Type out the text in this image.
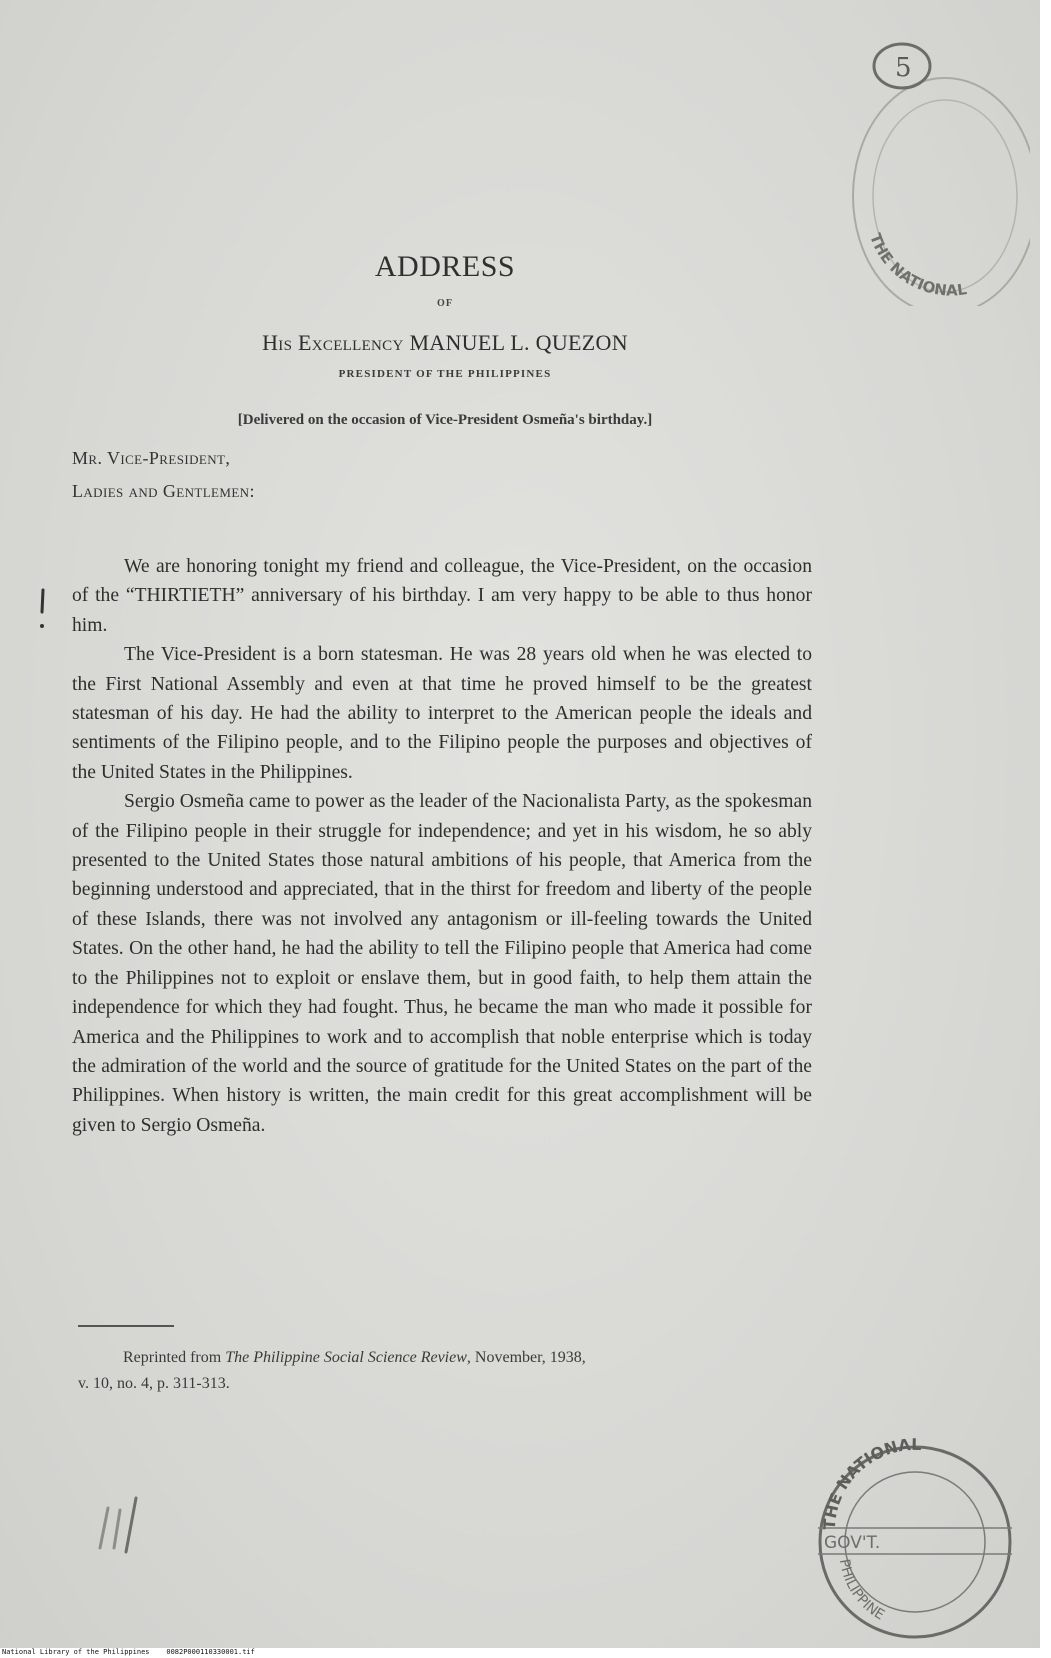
ADDRESS
OF
His Excellency MANUEL L. QUEZON
PRESIDENT OF THE PHILIPPINES
[Delivered on the occasion of Vice-President Osmeña's birthday.]
Mr. Vice-President,
Ladies and Gentlemen:

We are honoring tonight my friend and colleague, the Vice-President, on the occasion of the “THIRTIETH” anniversary of his birthday. I am very happy to be able to thus honor him.

The Vice-President is a born statesman. He was 28 years old when he was elected to the First National Assembly and even at that time he proved himself to be the greatest statesman of his day. He had the ability to interpret to the American people the ideals and sentiments of the Filipino people, and to the Filipino people the purposes and objectives of the United States in the Philippines.

Sergio Osmeña came to power as the leader of the Nacionalista Party, as the spokesman of the Filipino people in their struggle for independence; and yet in his wisdom, he so ably presented to the United States those natural ambitions of his people, that America from the beginning understood and appreciated, that in the thirst for freedom and liberty of the people of these Islands, there was not involved any antagonism or ill-feeling towards the United States. On the other hand, he had the ability to tell the Filipino people that America had come to the Philippines not to exploit or enslave them, but in good faith, to help them attain the independence for which they had fought. Thus, he became the man who made it possible for America and the Philippines to work and to accomplish that noble enterprise which is today the admiration of the world and the source of gratitude for the United States on the part of the Philippines. When history is written, the main credit for this great accomplishment will be given to Sergio Osmeña.

Reprinted from The Philippine Social Science Review, November, 1938,
v. 10, no. 4, p. 311-313.
5
THE NATIONAL
THE NATIONAL
GOV'T.
PHILIPPINE
National Library of the Philippines    0082P000110330001.tif
